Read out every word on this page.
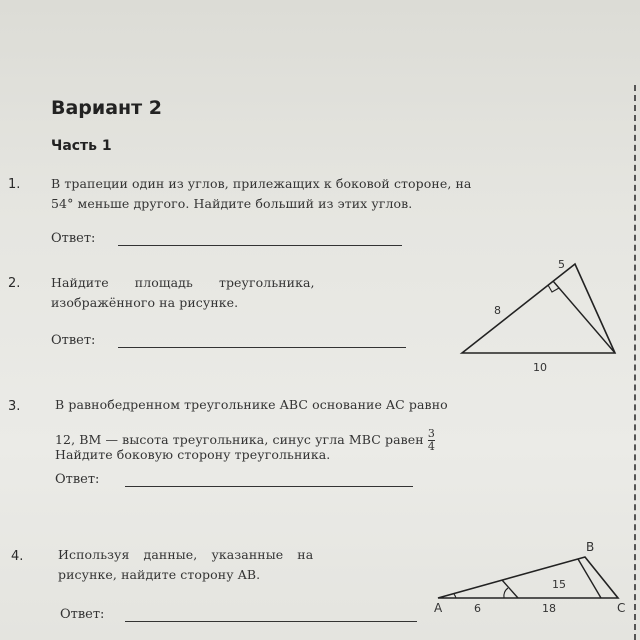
Вариант 2
Часть 1
1. В трапеции один из углов, прилежащих к боковой стороне, на
54° меньше другого. Найдите больший из этих углов.
Ответ:
2. Найдите площадь треугольника,
изображённого на рисунке.
Ответ:
5
8
10
3.	В равнобедренном треугольнике ABC основание AC равно
12, BM — высота треугольника, синус угла MBC равен $\frac{3}{4}$
Найдите боковую сторону треугольника.
Ответ:
4.	Используя данные, указанные на
рисунке, найдите сторону AB.
Ответ:
B
A	C
6
15
18
